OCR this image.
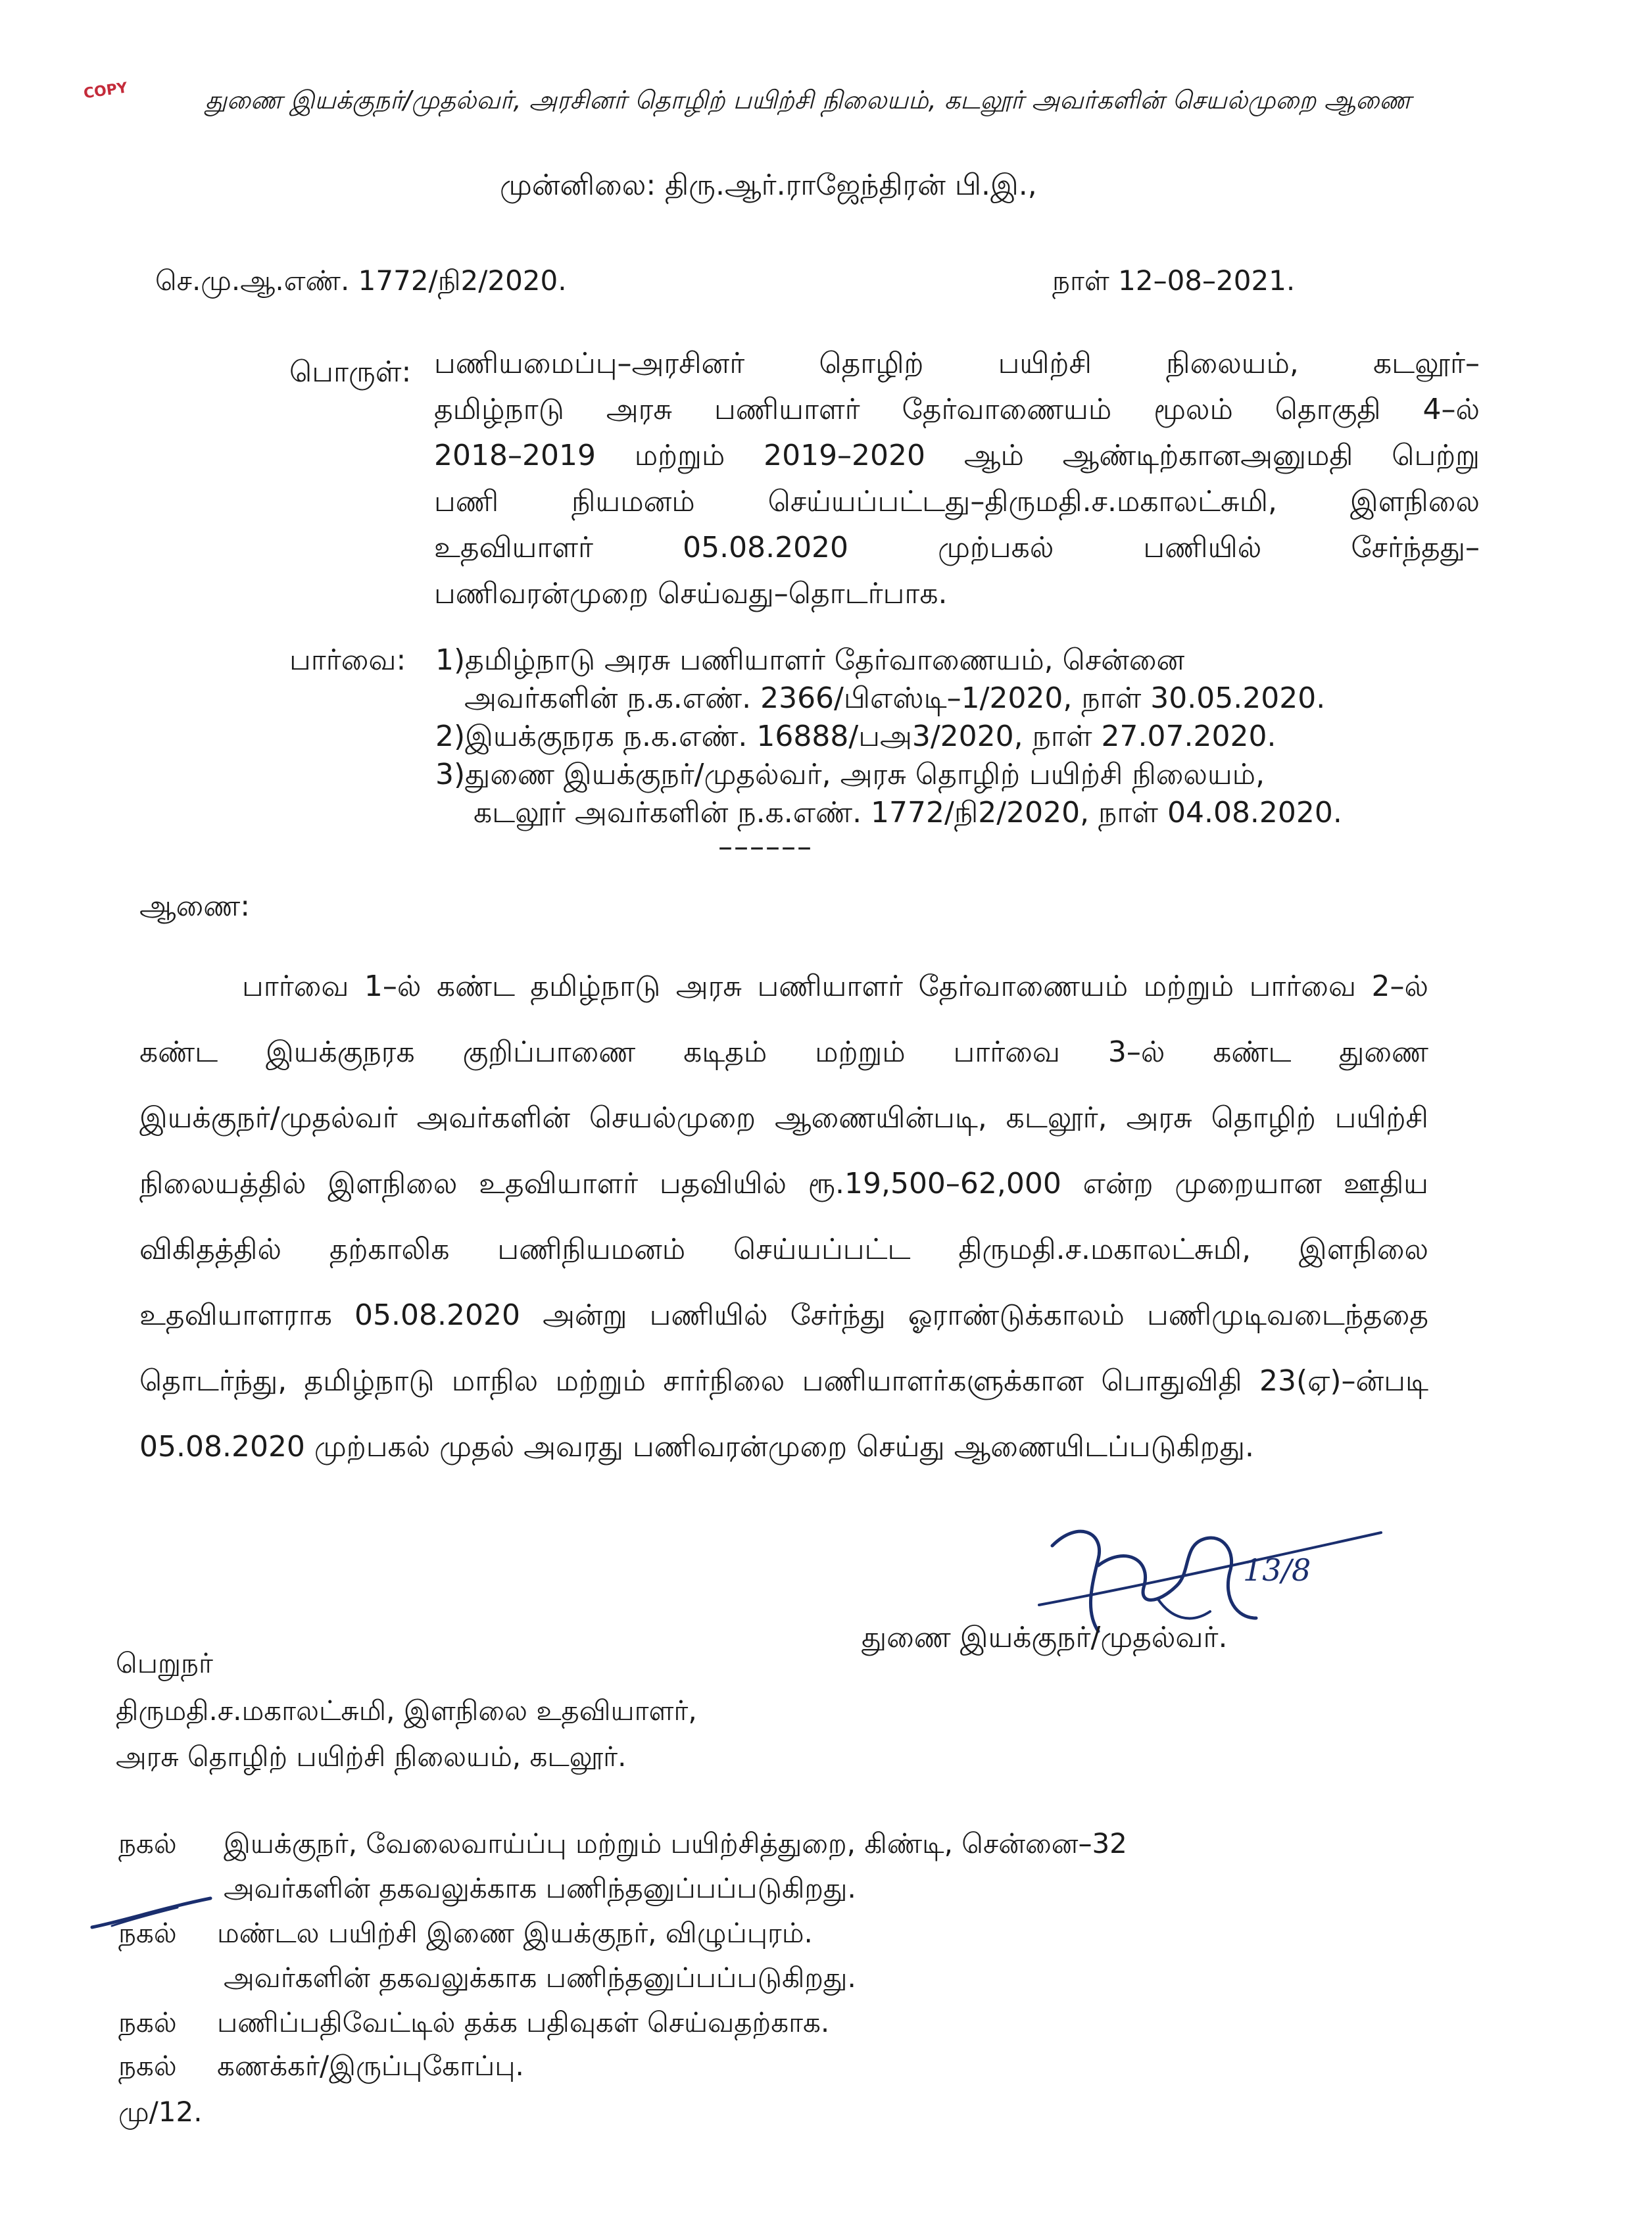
COPY	துணை இயக்குநர்/முதல்வர், அரசினர் தொழிற் பயிற்சி நிலையம், கடலூர் அவர்களின் செயல்முறை ஆணை
முன்னிலை: திரு.ஆர்.ராஜேந்திரன் பி.இ.,
செ.மு.ஆ.எண். 1772/நி2/2020.	நாள் 12–08–2021.
பொருள்: பணியமைப்பு–அரசினர் தொழிற் பயிற்சி நிலையம், கடலூர்–
தமிழ்நாடு அரசு பணியாளர் தேர்வாணையம் மூலம் தொகுதி 4–ல்
2018–2019 மற்றும் 2019–2020 ஆம் ஆண்டிற்கானஅனுமதி பெற்று
பணி நியமனம் செய்யப்பட்டது–திருமதி.ச.மகாலட்சுமி, இளநிலை
உதவியாளர் 05.08.2020 முற்பகல் பணியில் சேர்ந்தது–
பணிவரன்முறை செய்வது–தொடர்பாக.
பார்வை: 1)தமிழ்நாடு அரசு பணியாளர் தேர்வாணையம், சென்னை
அவர்களின் ந.க.எண். 2366/பிஎஸ்டி–1/2020, நாள் 30.05.2020.
2)இயக்குநரக ந.க.எண். 16888/பஅ3/2020, நாள் 27.07.2020.
3)துணை இயக்குநர்/முதல்வர், அரசு தொழிற் பயிற்சி நிலையம்,
கடலூர் அவர்களின் ந.க.எண். 1772/நி2/2020, நாள் 04.08.2020.
––––––
ஆணை:
பார்வை 1–ல் கண்ட தமிழ்நாடு அரசு பணியாளர் தேர்வாணையம் மற்றும் பார்வை 2–ல்
கண்ட இயக்குநரக குறிப்பாணை கடிதம் மற்றும் பார்வை 3–ல் கண்ட துணை
இயக்குநர்/முதல்வர் அவர்களின் செயல்முறை ஆணையின்படி, கடலூர், அரசு தொழிற் பயிற்சி
நிலையத்தில் இளநிலை உதவியாளர் பதவியில் ரூ.19,500–62,000 என்ற முறையான ஊதிய
விகிதத்தில் தற்காலிக பணிநியமனம் செய்யப்பட்ட திருமதி.ச.மகாலட்சுமி, இளநிலை
உதவியாளராக 05.08.2020 அன்று பணியில் சேர்ந்து ஓராண்டுக்காலம் பணிமுடிவடைந்ததை
தொடர்ந்து, தமிழ்நாடு மாநில மற்றும் சார்நிலை பணியாளர்களுக்கான பொதுவிதி 23(ஏ)–ன்படி
05.08.2020 முற்பகல் முதல் அவரது பணிவரன்முறை செய்து ஆணையிடப்படுகிறது.
13/8
துணை இயக்குநர்/முதல்வர்.
பெறுநர்
திருமதி.ச.மகாலட்சுமி, இளநிலை உதவியாளர்,
அரசு தொழிற் பயிற்சி நிலையம், கடலூர்.
நகல் இயக்குநர், வேலைவாய்ப்பு மற்றும் பயிற்சித்துறை, கிண்டி, சென்னை–32
அவர்களின் தகவலுக்காக பணிந்தனுப்பப்படுகிறது.
நகல் மண்டல பயிற்சி இணை இயக்குநர், விழுப்புரம்.
அவர்களின் தகவலுக்காக பணிந்தனுப்பப்படுகிறது.
நகல் பணிப்பதிவேட்டில் தக்க பதிவுகள் செய்வதற்காக.
நகல் கணக்கர்/இருப்புகோப்பு.
மு/12.
